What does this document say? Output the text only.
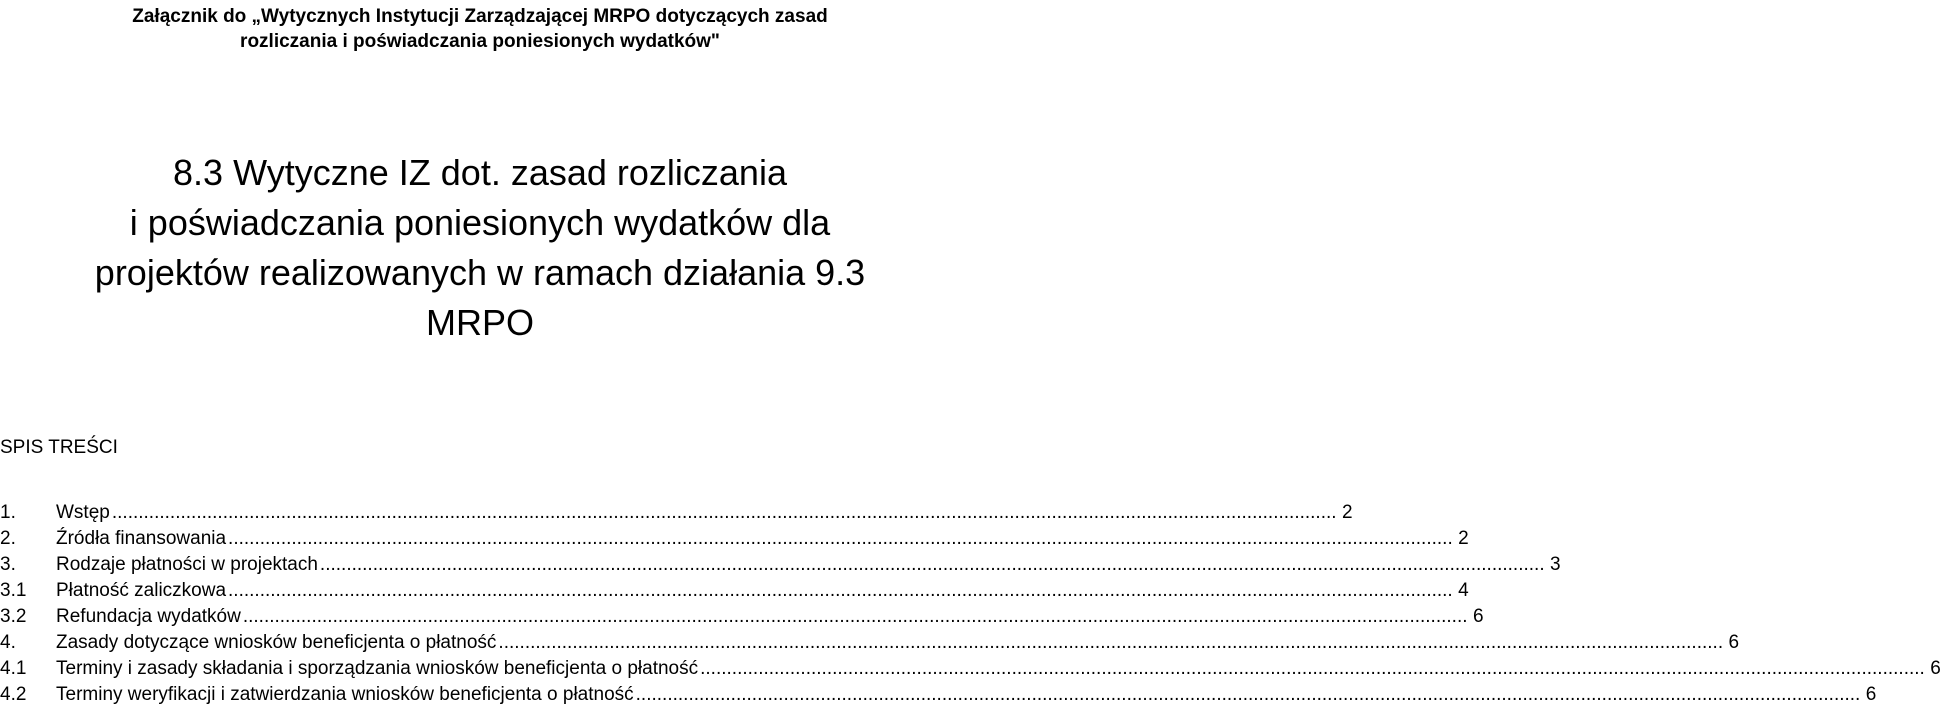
Załącznik do „Wytycznych Instytucji Zarządzającej MRPO dotyczących zasad
rozliczania i poświadczania poniesionych wydatków"
8.3 Wytyczne IZ dot. zasad rozliczania
i poświadczania poniesionych wydatków dla
projektów realizowanych w ramach działania 9.3
MRPO
SPIS TREŚCI
1.	Wstęp .....	2
2.	Źródła finansowania .....	2
3.	Rodzaje płatności w projektach .....	3
3.1	Płatność zaliczkowa .....	4
3.2	Refundacja wydatków .....	6
4.	Zasady dotyczące wniosków beneficjenta o płatność .....	6
4.1	Terminy i zasady składania i sporządzania wniosków beneficjenta o płatność .....	6
4.2	Terminy weryfikacji i zatwierdzania wniosków beneficjenta o płatność .....	6
